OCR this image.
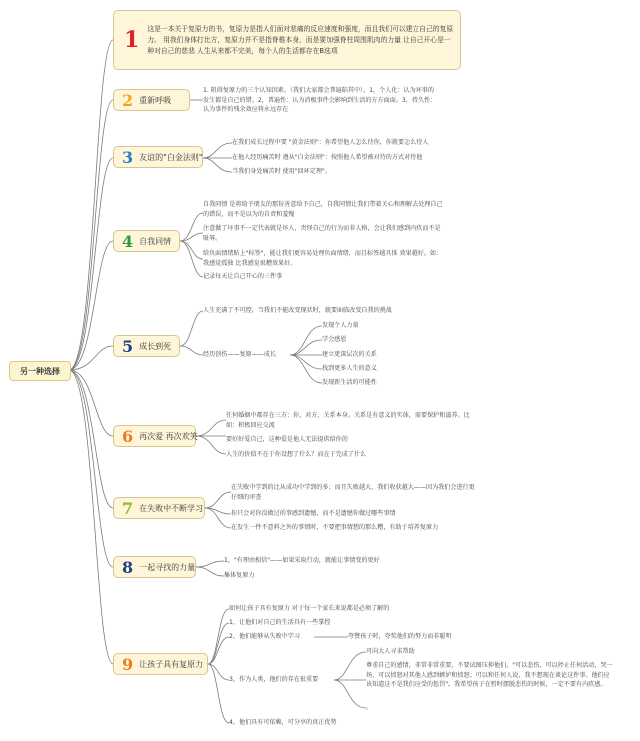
另一种选择
1 这是一本关于复原力的书，复原力是指人们面对悲痛的反应速度和强度，而且我们可以建立自己的复原力。 用我们身体打比方，复原力并不是指脊椎本身，而是要加强脊柱周围肌肉的力量 让自己开心是一种对自己的慈悲 人生从来都不完美，每个人的生活都存在B选项
2 重新呼吸
1. 阻碍复原力的三个认知因素。（我们大家都会普遍陷其中），1，个人化：认为坏事的发生都是自己的错。2，普遍性：认为消极事件会影响到生活的方方面面。3，持久性：认为事件的残余效应将永远存在
3 友谊的"白金法则"
在我们成长过程中要 "黄金法则"：你希望他人怎么待你，你就要怎么待人
在他人经历痛苦时 遵从"白金法则"：按照他人希望被对待的方式对待他
当我们身处痛苦时 使用"回环定理"。
4 自我同情
自我同情 是将给予朋友的那份善意给予自己，自我同情让我们带着关心和理解去处理自己的错误，而不是以为的自责和羞愧
注意做了坏事不一定代表就是坏人，责怪自己的行为而非人格，会让我们感到内疚而不是耻辱。
给负面情绪贴上"标签"，能让我们更容易处理负面情绪，而且标签越具体 效果越好。如：我感觉孤独 比我感觉很糟效果好。
记录每天让自己开心的三件事
5 成长到死
人生充满了不可控，当我们不能改变现状时，就要面临改变自我的挑战
经历创伤——复原——成长
发现个人力量
学会感恩
建立更深层次的关系
找到更多人生的意义
发现新生活的可能性
6 再次爱 再次欢笑
任何婚姻中都存在三方：你，对方，关系本身。关系是有意义的实体，需要保护和滋养。比如：积极回应交流
要好好爱自己，这种爱是他人无法提供给你的
人生的价值不在于你设想了什么？而在于完成了什么
7 在失败中不断学习
在失败中学到的比从成功中学到的多；而且失败越大，我们收获越大——因为我们会进行更仔细的审查
你只会对你没做过的事感到遗憾，而不是遗憾你做过哪些事情
在发生一件不意料之外的事情时，不要把事情想的那么糟，有助于培养复原力
8 一起寻找的力量
1，"有理由相信"——如果采取行动，就能让事情变的更好
集体复原力
9 让孩子具有复原力
如何让孩子具有复原力 对于每一个家长来说都是必须了解的
1，让他们对自己的生活具有一些掌控
2，他们能够从失败中学习	夸赞孩子时，夸奖他们的努力而非聪明
3，作为人类，他们的存在很重要
可向大人寻求帮助
尊重自己的感情，非常非常重要，不要试图压抑他们。"可以悲伤，可以停止任何活动，哭一场，可以愤怒对其他人感到嫉妒和愤怒；可以和任何人说，我不想现在谈论这件事。他们应该知道这不是我们应受的惩罚"。我希望孩子在暂时摆脱悲伤的时候，一定不要有内疚感。
。
4，他们具有可依赖，可分享的真正优势
